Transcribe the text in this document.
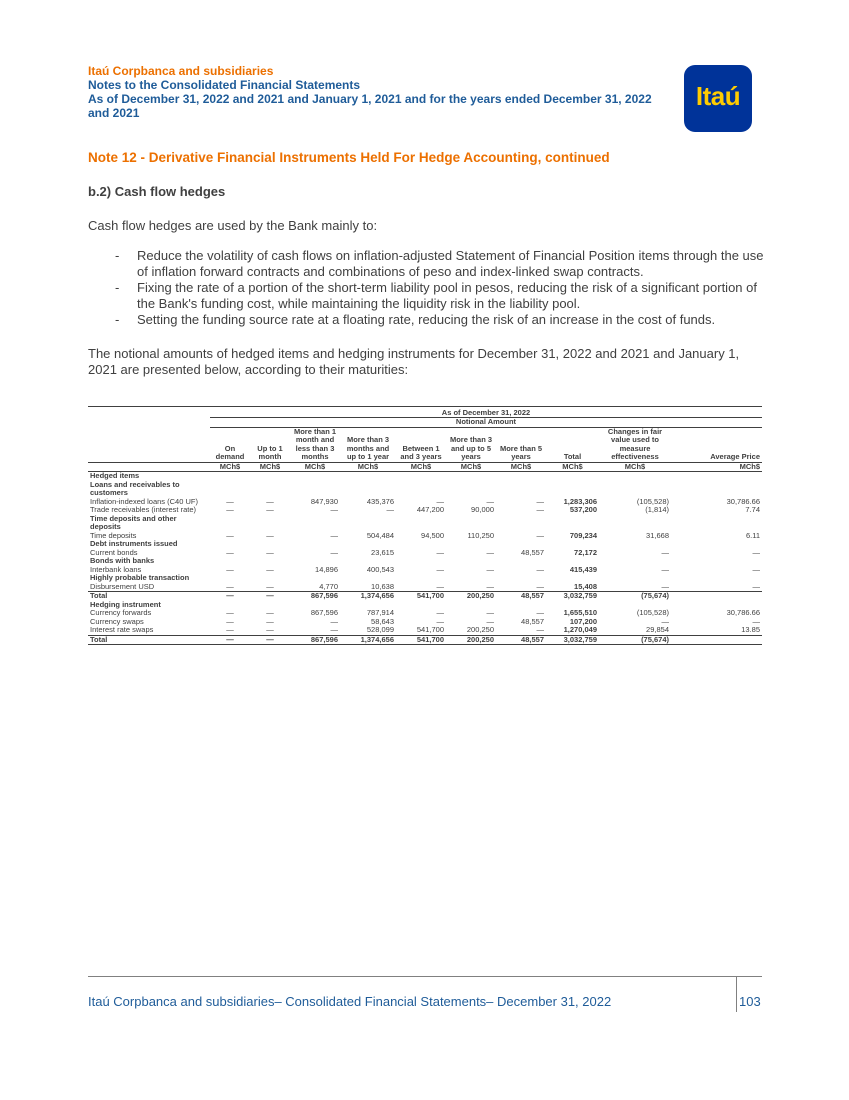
Itaú Corpbanca and subsidiaries
Notes to the Consolidated Financial Statements
As of December 31, 2022 and 2021 and January 1, 2021 and for the years ended December 31, 2022
and 2021
Itaú
Note 12 - Derivative Financial Instruments Held For Hedge Accounting, continued
b.2) Cash flow hedges
Cash flow hedges are used by the Bank mainly to:
- Reduce the volatility of cash flows on inflation-adjusted Statement of Financial Position items through the use of inflation forward contracts and combinations of peso and index-linked swap contracts.
- Fixing the rate of a portion of the short-term liability pool in pesos, reducing the risk of a significant portion of the Bank's funding cost, while maintaining the liquidity risk in the liability pool.
- Setting the funding source rate at a floating rate, reducing the risk of an increase in the cost of funds.
The notional amounts of hedged items and hedging instruments for December 31, 2022 and 2021 and January 1, 2021 are presented below, according to their maturities:

	As of December 31, 2022									
	Notional Amount									
	On demand	Up to 1 month	More than 1 month and less than 3 months	More than 3 months and up to 1 year	Between 1 and 3 years	More than 3 and up to 5 years	More than 5 years	Total	Changes in fair value used to measure effectiveness	Average Price
	MCh$	MCh$	MCh$	MCh$	MCh$	MCh$	MCh$	MCh$	MCh$	MCh$
Hedged items										
Loans and receivables to customers										
Inflation-indexed loans (C40 UF)	—	—	847,930	435,376	—	—	—	1,283,306	(105,528)	30,786.66
Trade receivables (interest rate)	—	—	—	—	447,200	90,000	—	537,200	(1,814)	7.74
Time deposits and other deposits										
Time deposits	—	—	—	504,484	94,500	110,250	—	709,234	31,668	6.11
Debt instruments issued										
Current bonds	—	—	—	23,615	—	—	48,557	72,172	—	—
Bonds with banks										
Interbank loans	—	—	14,896	400,543	—	—	—	415,439	—	—
Highly probable transaction										
Disbursement USD	—	—	4,770	10,638	—	—	—	15,408	—	—
Total	—	—	867,596	1,374,656	541,700	200,250	48,557	3,032,759	(75,674)	
Hedging instrument										
Currency forwards	—	—	867,596	787,914	—	—	—	1,655,510	(105,528)	30,786.66
Currency swaps	—	—	—	58,643	—	—	48,557	107,200	—	—
Interest rate swaps	—	—	—	528,099	541,700	200,250	—	1,270,049	29,854	13.85
Total	—	—	867,596	1,374,656	541,700	200,250	48,557	3,032,759	(75,674)	
Itaú Corpbanca and subsidiaries– Consolidated Financial Statements– December 31, 2022	103
